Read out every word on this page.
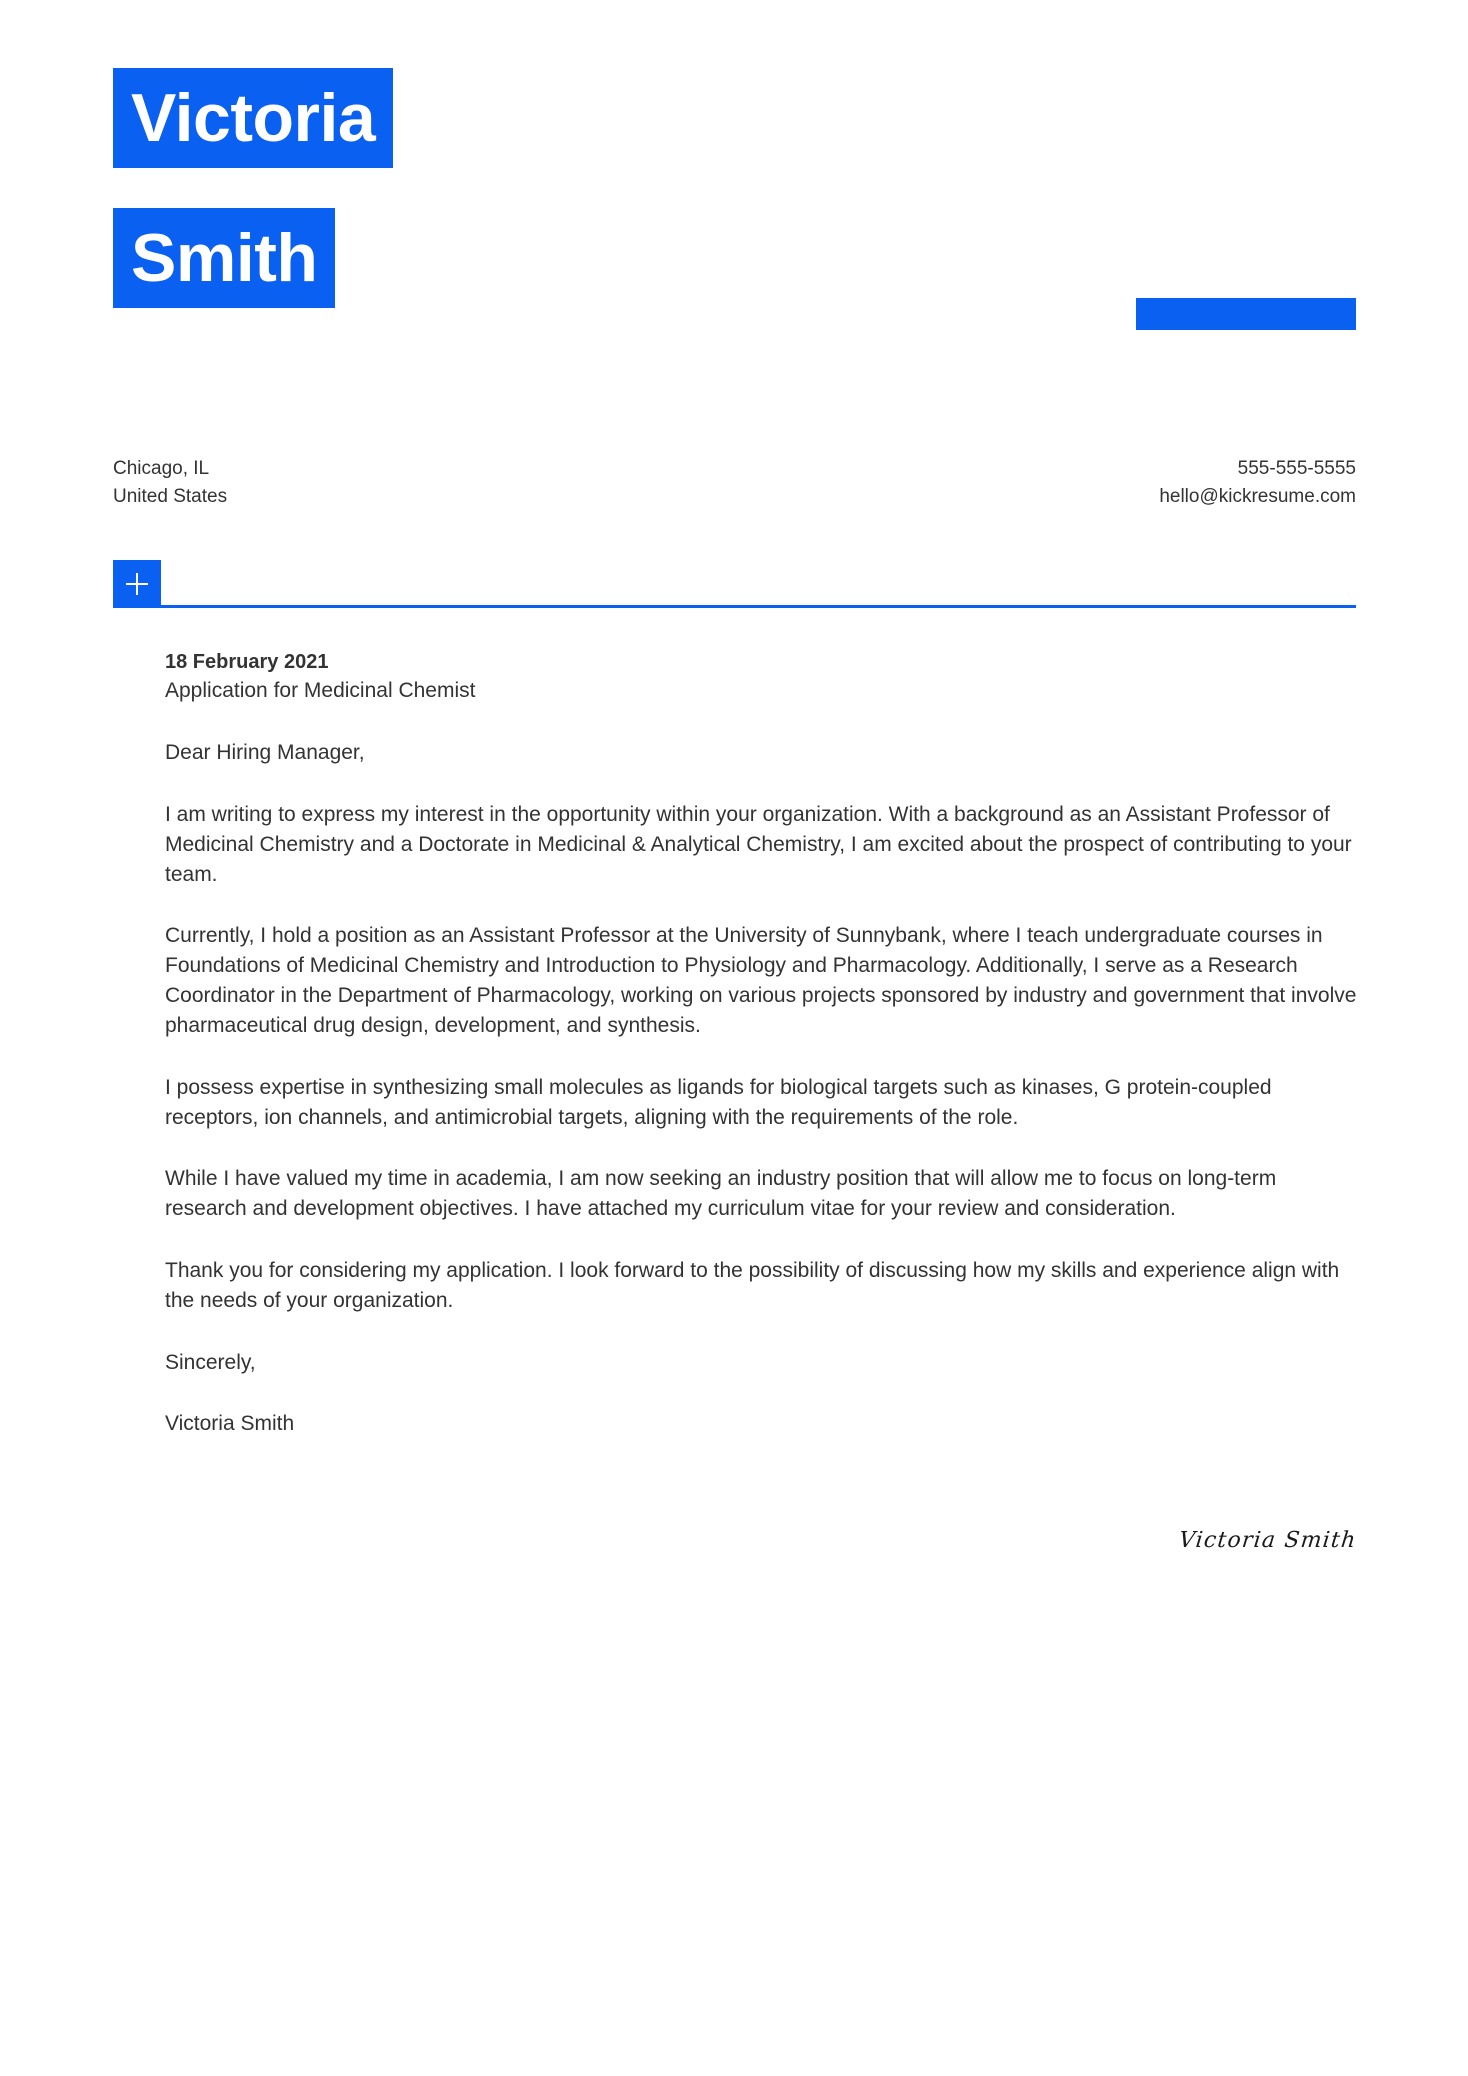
Victoria
Smith
Chicago, IL
United States
555-555-5555
hello@kickresume.com

18 February 2021

Application for Medicinal Chemist

Dear Hiring Manager,

I am writing to express my interest in the opportunity within your organization. With a background as an Assistant Professor of Medicinal Chemistry and a Doctorate in Medicinal & Analytical Chemistry, I am excited about the prospect of contributing to your team.

Currently, I hold a position as an Assistant Professor at the University of Sunnybank, where I teach undergraduate courses in Foundations of Medicinal Chemistry and Introduction to Physiology and Pharmacology. Additionally, I serve as a Research Coordinator in the Department of Pharmacology, working on various projects sponsored by industry and government that involve pharmaceutical drug design, development, and synthesis.

I possess expertise in synthesizing small molecules as ligands for biological targets such as kinases, G protein-coupled receptors, ion channels, and antimicrobial targets, aligning with the requirements of the role.

While I have valued my time in academia, I am now seeking an industry position that will allow me to focus on long-term research and development objectives. I have attached my curriculum vitae for your review and consideration.

Thank you for considering my application. I look forward to the possibility of discussing how my skills and experience align with the needs of your organization.

Sincerely,

Victoria Smith

Victoria Smith
